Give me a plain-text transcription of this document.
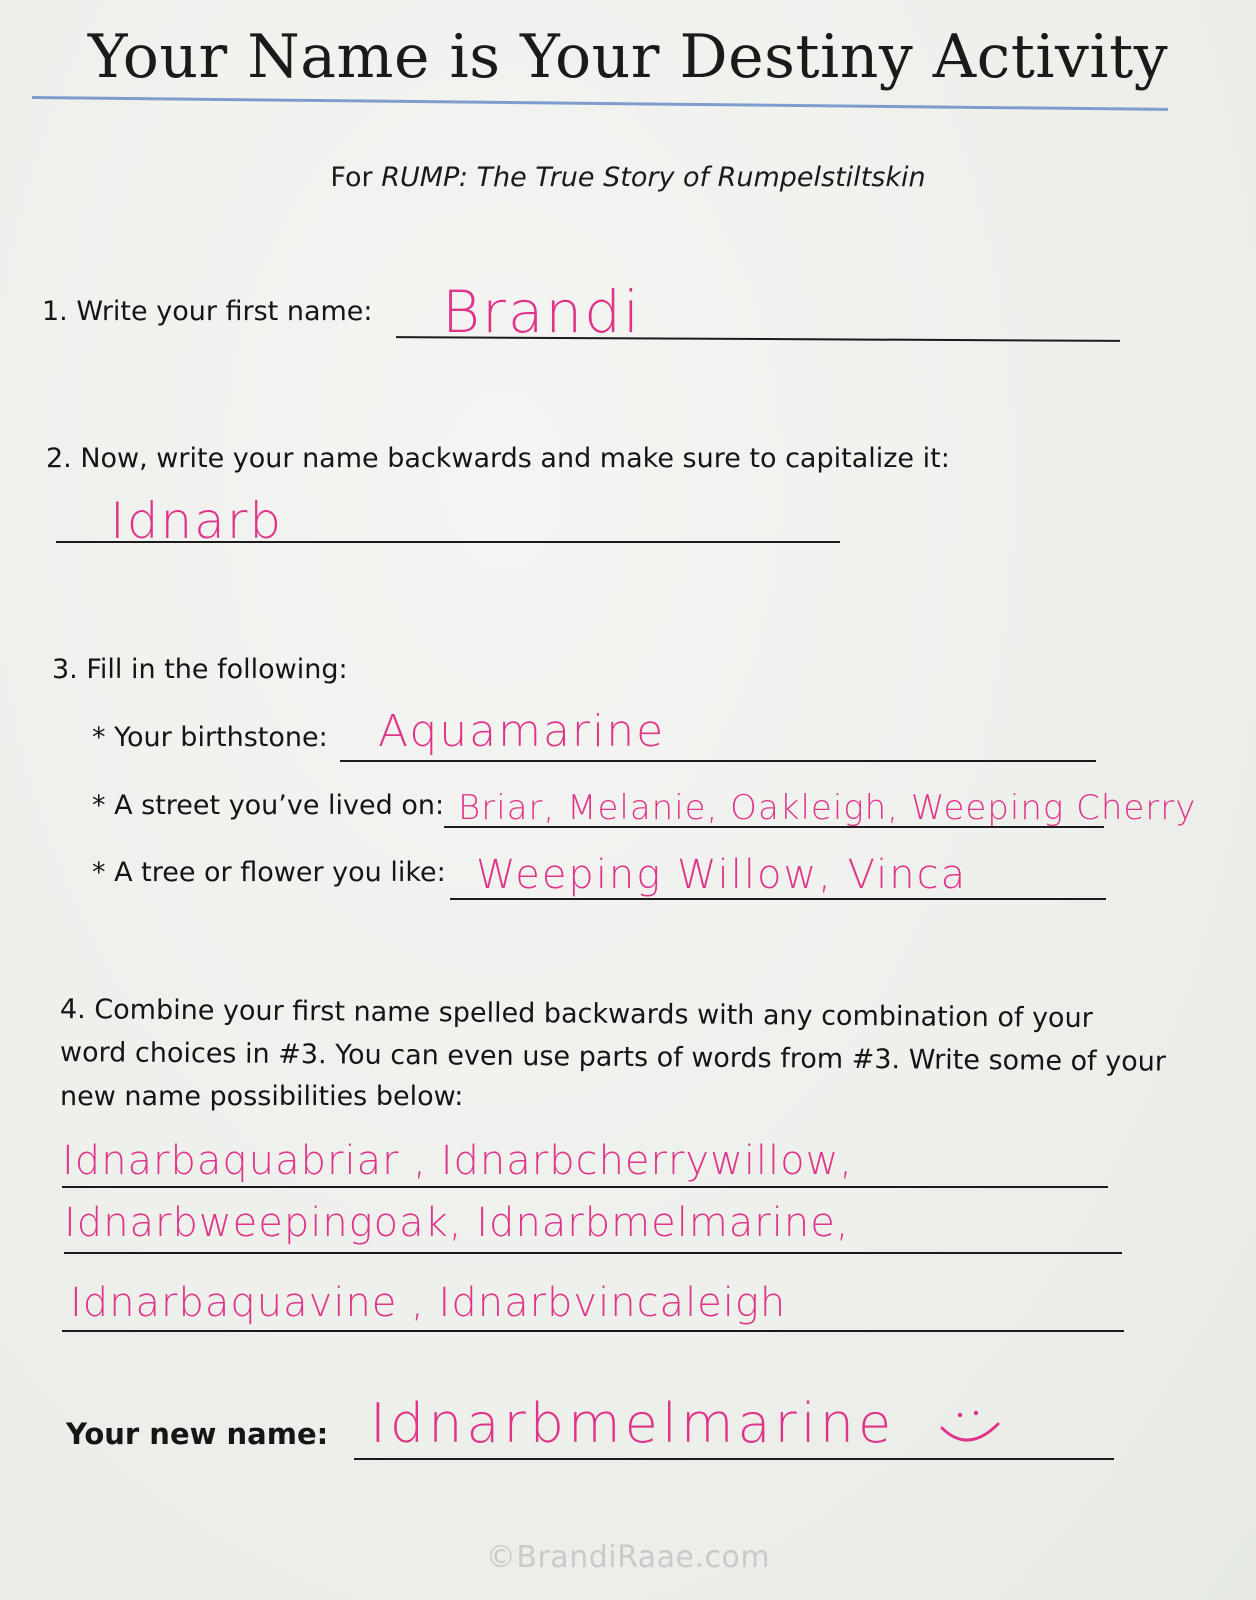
Your Name is Your Destiny Activity
For RUMP: The True Story of Rumpelstiltskin
1. Write your first name: Brandi
2. Now, write your name backwards and make sure to capitalize it:
Idnarb
3. Fill in the following:
* Your birthstone: Aquamarine
* A street you’ve lived on: Briar, Melanie, Oakleigh, Weeping Cherry
* A tree or flower you like: Weeping Willow, Vinca
4. Combine your first name spelled backwards with any combination of your
word choices in #3. You can even use parts of words from #3. Write some of your
new name possibilities below:
Idnarbaquabriar , Idnarbcherrywillow,
Idnarbweepingoak, Idnarbmelmarine,
Idnarbaquavine , Idnarbvincaleigh
Your new name: Idnarbmelmarine
©BrandiRaae.com
